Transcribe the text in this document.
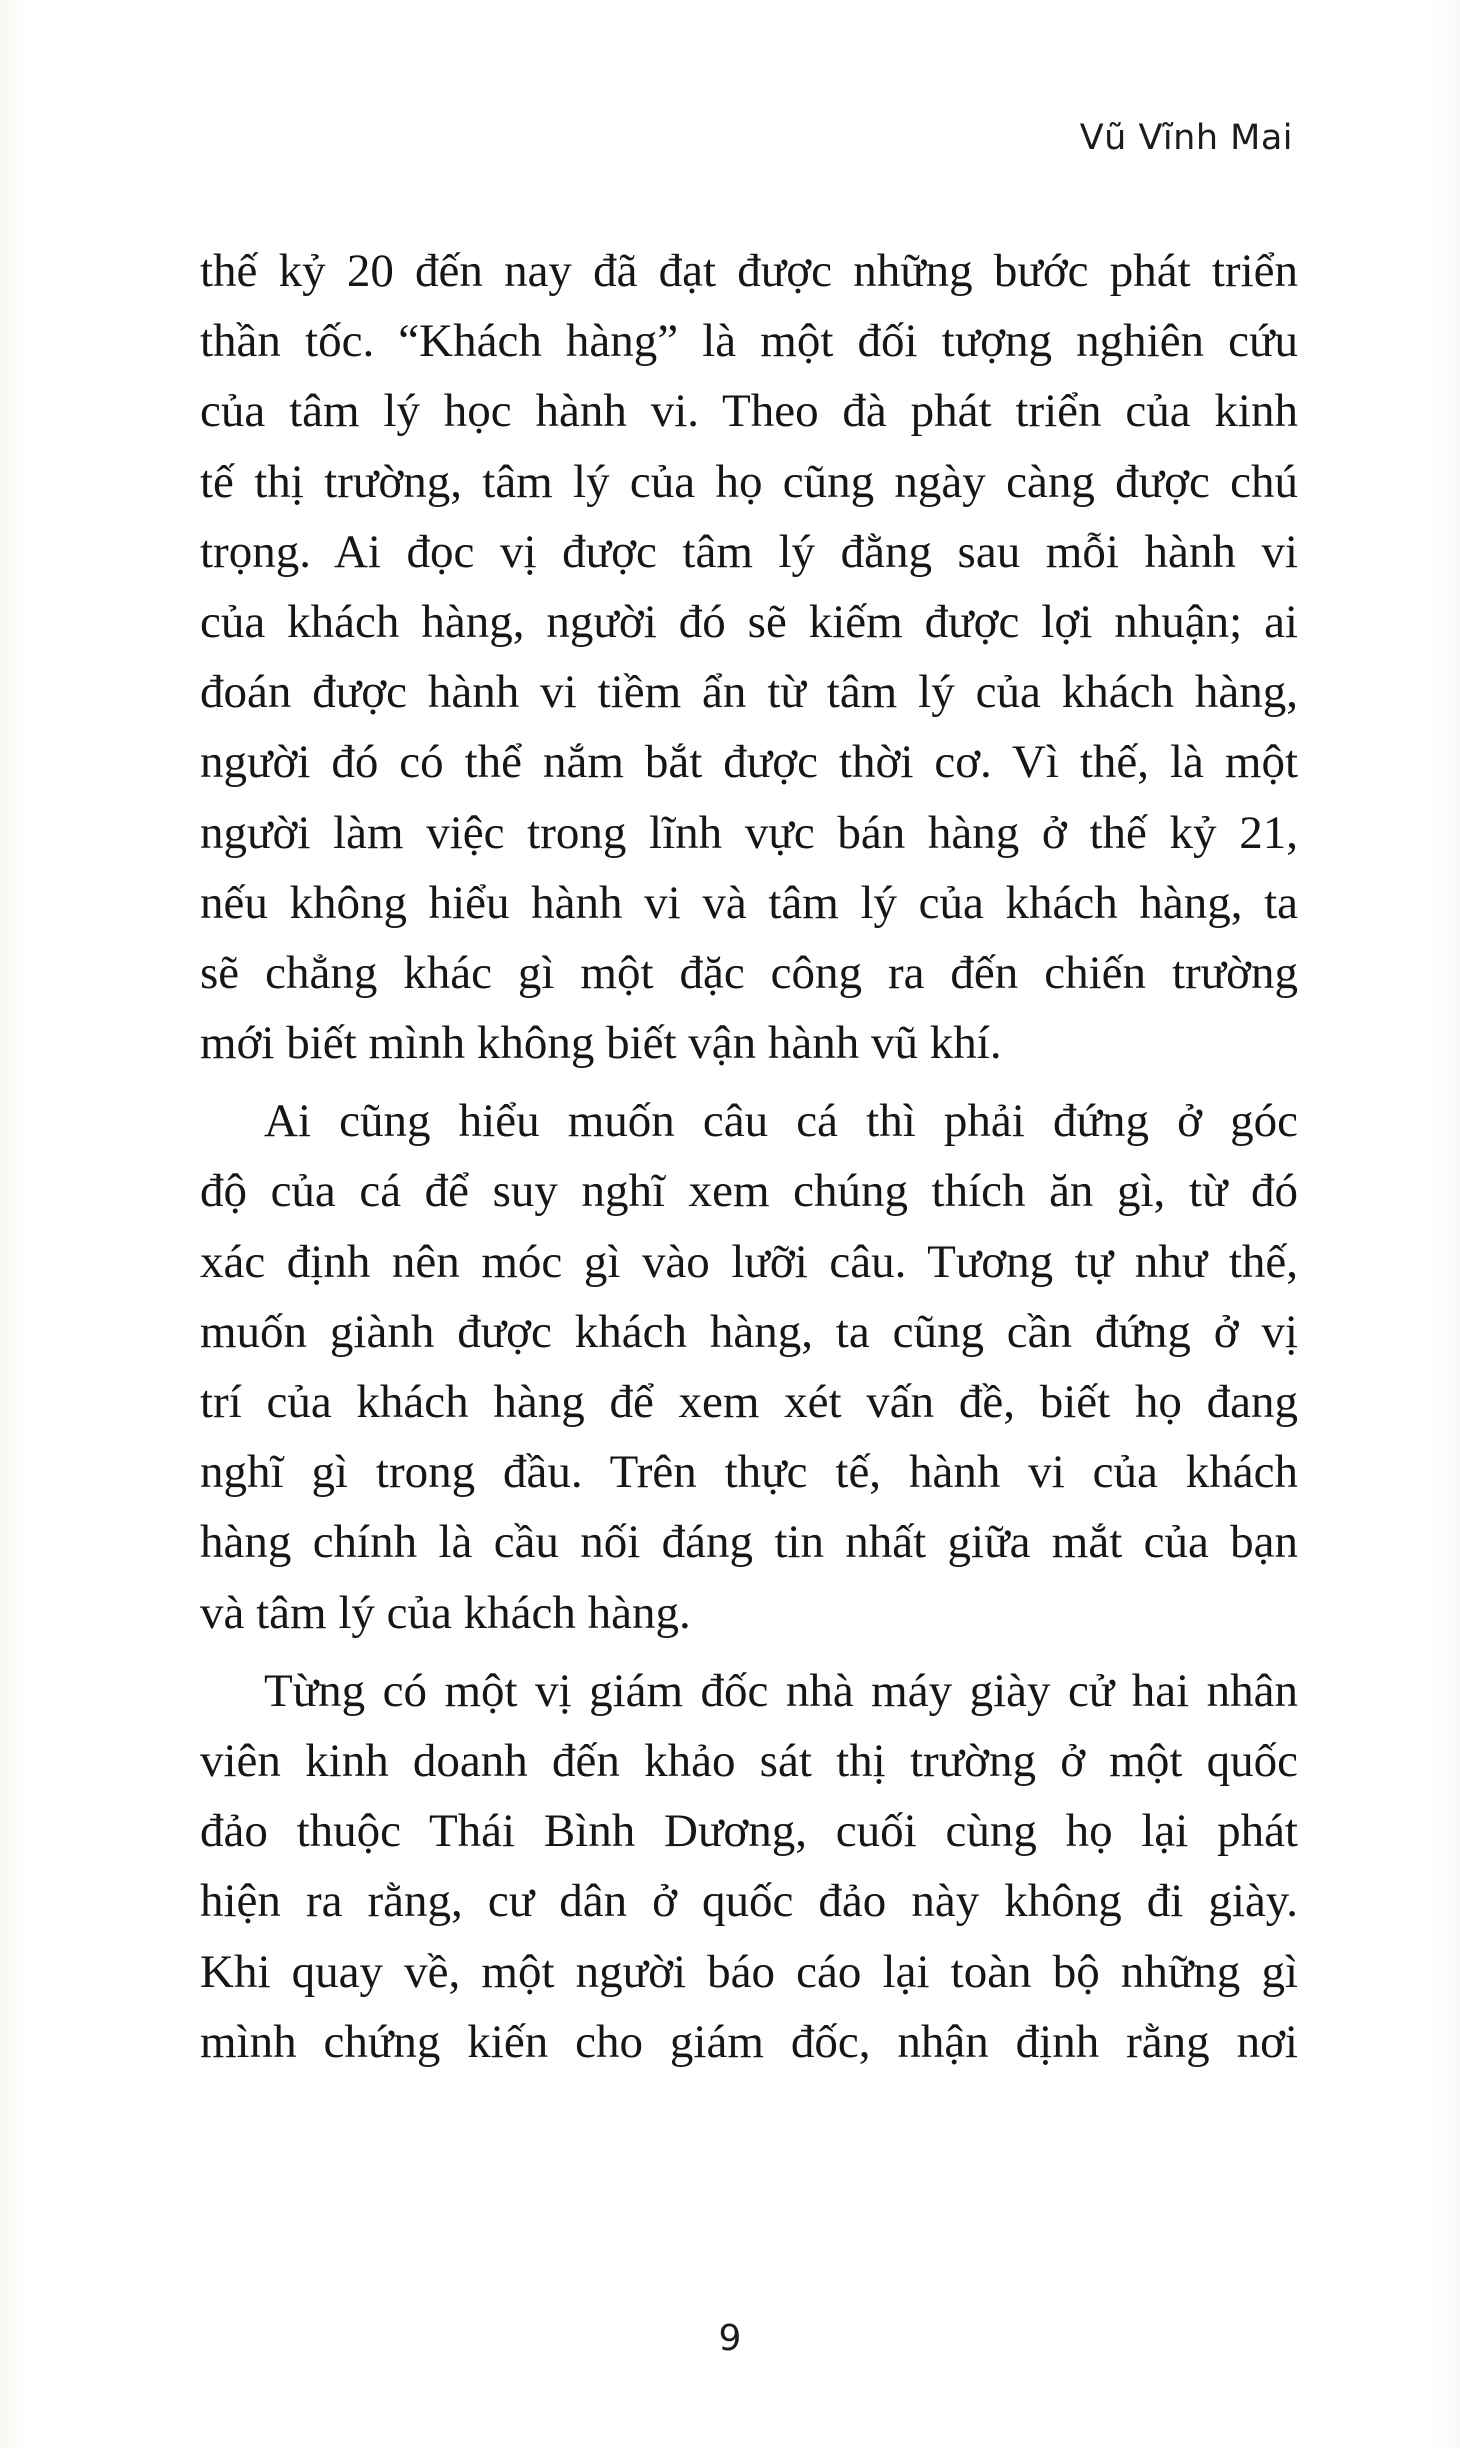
Vũ Vĩnh Mai

thế kỷ 20 đến nay đã đạt được những bước phát triển
thần tốc. “Khách hàng” là một đối tượng nghiên cứu
của tâm lý học hành vi. Theo đà phát triển của kinh
tế thị trường, tâm lý của họ cũng ngày càng được chú
trọng. Ai đọc vị được tâm lý đằng sau mỗi hành vi
của khách hàng, người đó sẽ kiếm được lợi nhuận; ai
đoán được hành vi tiềm ẩn từ tâm lý của khách hàng,
người đó có thể nắm bắt được thời cơ. Vì thế, là một
người làm việc trong lĩnh vực bán hàng ở thế kỷ 21,
nếu không hiểu hành vi và tâm lý của khách hàng, ta
sẽ chẳng khác gì một đặc công ra đến chiến trường
mới biết mình không biết vận hành vũ khí.

Ai cũng hiểu muốn câu cá thì phải đứng ở góc
độ của cá để suy nghĩ xem chúng thích ăn gì, từ đó
xác định nên móc gì vào lưỡi câu. Tương tự như thế,
muốn giành được khách hàng, ta cũng cần đứng ở vị
trí của khách hàng để xem xét vấn đề, biết họ đang
nghĩ gì trong đầu. Trên thực tế, hành vi của khách
hàng chính là cầu nối đáng tin nhất giữa mắt của bạn
và tâm lý của khách hàng.

Từng có một vị giám đốc nhà máy giày cử hai nhân
viên kinh doanh đến khảo sát thị trường ở một quốc
đảo thuộc Thái Bình Dương, cuối cùng họ lại phát
hiện ra rằng, cư dân ở quốc đảo này không đi giày.
Khi quay về, một người báo cáo lại toàn bộ những gì
mình chứng kiến cho giám đốc, nhận định rằng nơi

9
